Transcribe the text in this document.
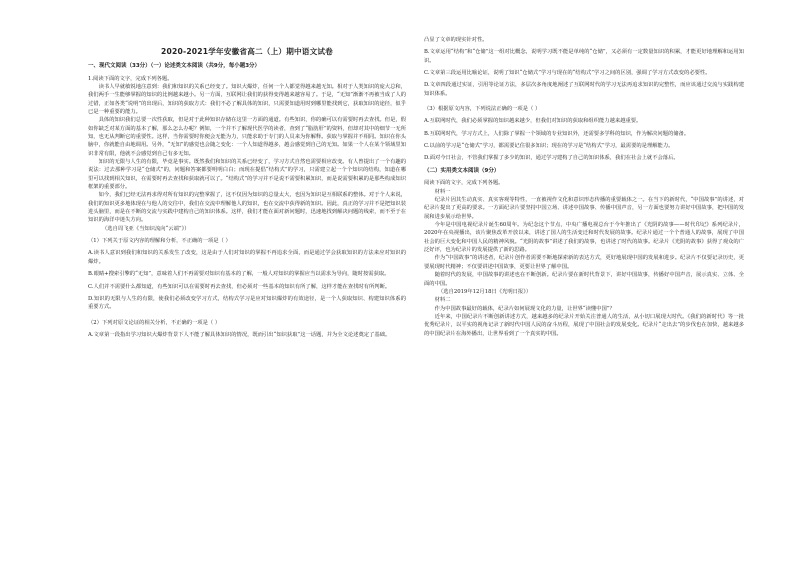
2020-2021学年安徽省高二（上）期中语文试卷

一、现代文阅读（33分）（一）论述类文本阅读（共9分，每小题3分）

1.阅读下面的文字，完成下列各题。

读书人早就敏锐地注意到：我们和知识的关系已经变了。知识大爆炸，任何一个人都觉得越来越无知。相对于人类知识的庞大总和，我们两手一生能够掌握的知识的比例越来越小。另一方面，互联网让我们的获得变得越来越容易了。于是，“无知”渐渐不再被当成了人的过错，正如各类“说明”的出现后，知识的获取方式：我们不必了解具体的知识，只需要知道用时到哪里能找到它，获取知识的途径，似乎已是一种重要的能力。

具体的知识我们总要一次性获取，但是对于此种知识存储在这里一方面的通道。有些知识，你的确可以有需要时再去查找。但是，假如你缺乏对某方面的基本了解，那么怎么办呢？例如，一个并不了解现代医学的读者，查到了“脂肪肝”的资料，但却对其中的细节一无所知，也无从判断它的重要性。这样，当你需要时你便会无能为力，只能求助于专门的人员来为你解释。获取与掌握并不相同。知识在你头脑中，你就能自由地调用。另外，“无知”的感觉也会随之变化：一个人知道得越多，越会感觉到自己的无知。如果一个人在某个领域里知识非常有限，他就不会感觉到自己有多无知。

知识的无限与人生的有限，毕竟是事实。既然我们和知识的关系已经变了，学习方式自然也需要相应改变。有人曾提出了一个有趣的说法：过去那种学习是“仓储式”的，问题和答案都要明明白白；而现在提倡“结构式”的学习，只需建立起一个个知识的结构，知道在哪里可以找到相关知识，在需要时再去查找和获取就可以了。“结构式”的学习并不是说不需要积累知识，而是说需要积累的是那些构成知识框架的重要部分。

如今，我们已经无法再求得对所有知识的完整掌握了，这不仅因为知识的总量太大，也因为知识是互相联系的整体。对于个人来说，我们的知识更多地体现在与他人的交往中，我们在交流中理解他人的知识，也在交流中获得新的知识。因此，真正的学习并不是把知识装进头脑里，而是在不断的交流与实践中建构自己的知识体系。这样，我们才能在面对新问题时，迅速地找到解决问题的线索，而不至于在知识的海洋中迷失方向。

（选自周飞亚《当知识流向“云端”》）

（1）下列关于原文内容的理解和分析，不正确的一项是（ ）

A.读书人意识到我们和知识的关系发生了改变，这是由于人们对知识的掌握不再追求全面，而是通过学会获取知识的方法来应对知识的爆炸。

B.眼睛+搜索引擎的“无知”，意味着人们不再需要对知识有基本的了解，一般人对知识的掌握应当以需求为导向，随时按需获取。

C.人们并不需要什么都知道，有些知识可以在需要时再去查找，但必须对一些基本的知识有所了解，这样才能在查找时有所判断。

D.知识的无限与人生的有限，使我们必须改变学习方式，结构式学习是应对知识爆炸的有效途径，是一个人获取知识、构建知识体系的重要方式。

（2）下列对原文论证的相关分析，不正确的一项是（ ）

A.文章第一段指出学习知识大爆炸背景下人不能了解具体知识的情况，既而引出“知识获取”这一话题，并为全文论述奠定了基础。

凸显了文章的现实针对性。

B.文章运用“结构”和“仓储”这一组对比概念，说明学习既不能是单纯的“仓储”，又必须有一定数量知识的积累，才能更好地理解和运用知识。

C.文章第三段运用比喻论证，说明了知识“仓储式”学习与现在的“结构式”学习之间的区别，强调了学习方式改变的必要性。

D.文章四段通过实证，引用等论证方法，多层次多角度地阐述了互联网时代的学习无法再追求知识的完整性，而应该通过交流与实践构建知识体系。

（3）根据原文内容，下列说法正确的一项是（ ）

A.互联网时代，我们必须掌握的知识越来越少，但我们对知识的获取和组织能力越来越重要。

B.互联网时代，学习方式上，人们除了掌握一个领域的专业知识外，还需要多学科的知识，作为解决问题的储备。

C.以前的学习是“仓储式”学习，都需要记住很多知识；现在的学习是“结构式”学习，最需要的是理解能力。

D.面对今日社会，不管我们掌握了多少的知识，通过学习建构了自己的知识体系，我们在社会上就不会落后。

（二）实用类文本阅读（9分）

阅读下面的文字，完成下列各题。

材料一

纪录片因其生动真实、真实客观等特性，一直被视作文化和意识形态传播的重要载体之一。在当下的新时代，“中国故事”的讲述，对纪录片提出了更高的要求。一方面纪录片要坚持中国立场、讲述中国故事、传播中国声音，另一方面也要努力讲好中国故事，把中国的发展和进步展示给世界。

今年是中国电视纪录片诞生60周年。为纪念这个节点，中央广播电视总台于今年推出了《光阴的故事——时代印记》系列纪录片，2020年在央视播出，该片聚焦改革开放以来，讲述了国人的生活变迁和时代发展的故事。纪录片通过一个个普通人的故事，展现了中国社会的巨大变化和中国人民的精神风貌。“光阴的故事”讲述了我们的故事，也讲述了时代的故事。纪录片《光阴的故事》获得了观众的广泛好评，也为纪录片的发展提供了新的思路。

作为“中国故事”的讲述者，纪录片创作者需要不断地探索新的表达方式，更好地展现中国的发展和进步。纪录片不仅要记录历史，更要展现时代精神；不仅要讲述中国故事，更要让世界了解中国。

随着时代的发展，中国故事的讲述也在不断创新。纪录片要在新时代背景下，讲好中国故事，传播好中国声音，展示真实、立体、全面的中国。

（选自2019年12月18日《光明日报》）

材料二

作为中国故事最好的载体，纪录片如何展现文化的力量，让世界“读懂中国”？

近年来，中国纪录片不断创新讲述方式，越来越多的纪录片开始关注普通人的生活，从小切口展现大时代。《我们的新时代》等一批优秀纪录片，以平实的视角记录了新时代中国人民的奋斗历程，展现了中国社会的发展变化。纪录片“走出去”的步伐也在加快，越来越多的中国纪录片在海外播出，让世界看到了一个真实的中国。
